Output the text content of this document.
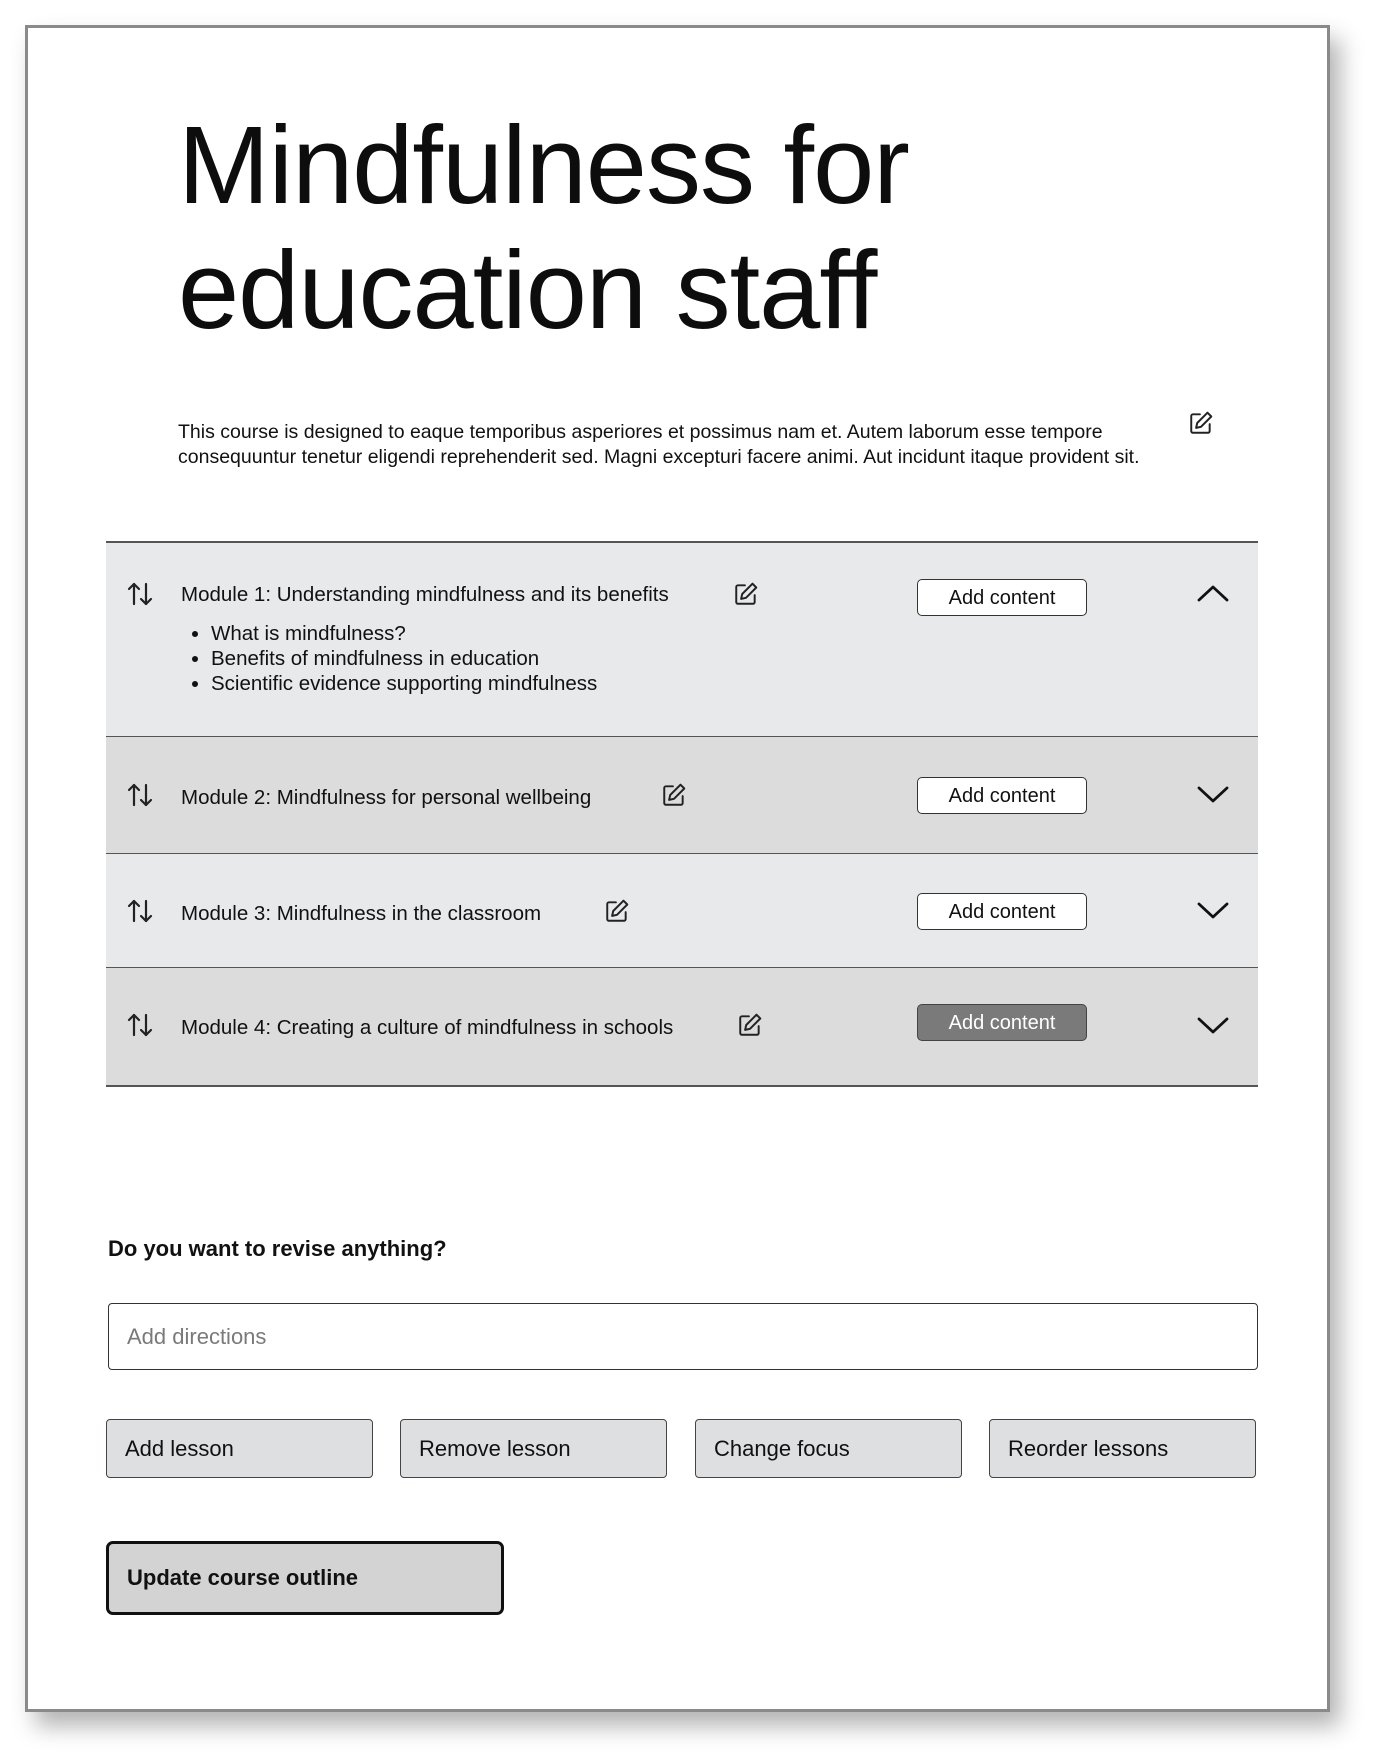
Mindfulness for education staff

This course is designed to eaque temporibus asperiores et possimus nam et. Autem laborum esse tempore consequuntur tenetur eligendi reprehenderit sed. Magni excepturi facere animi. Aut incidunt itaque provident sit.

Module 1: Understanding mindfulness and its benefits	Add content
• What is mindfulness?
• Benefits of mindfulness in education
• Scientific evidence supporting mindfulness
Module 2: Mindfulness for personal wellbeing	Add content
Module 3: Mindfulness in the classroom	Add content
Module 4: Creating a culture of mindfulness in schools	Add content

Do you want to revise anything?

Add directions
Add lesson	Remove lesson	Change focus	Reorder lessons
Update course outline
